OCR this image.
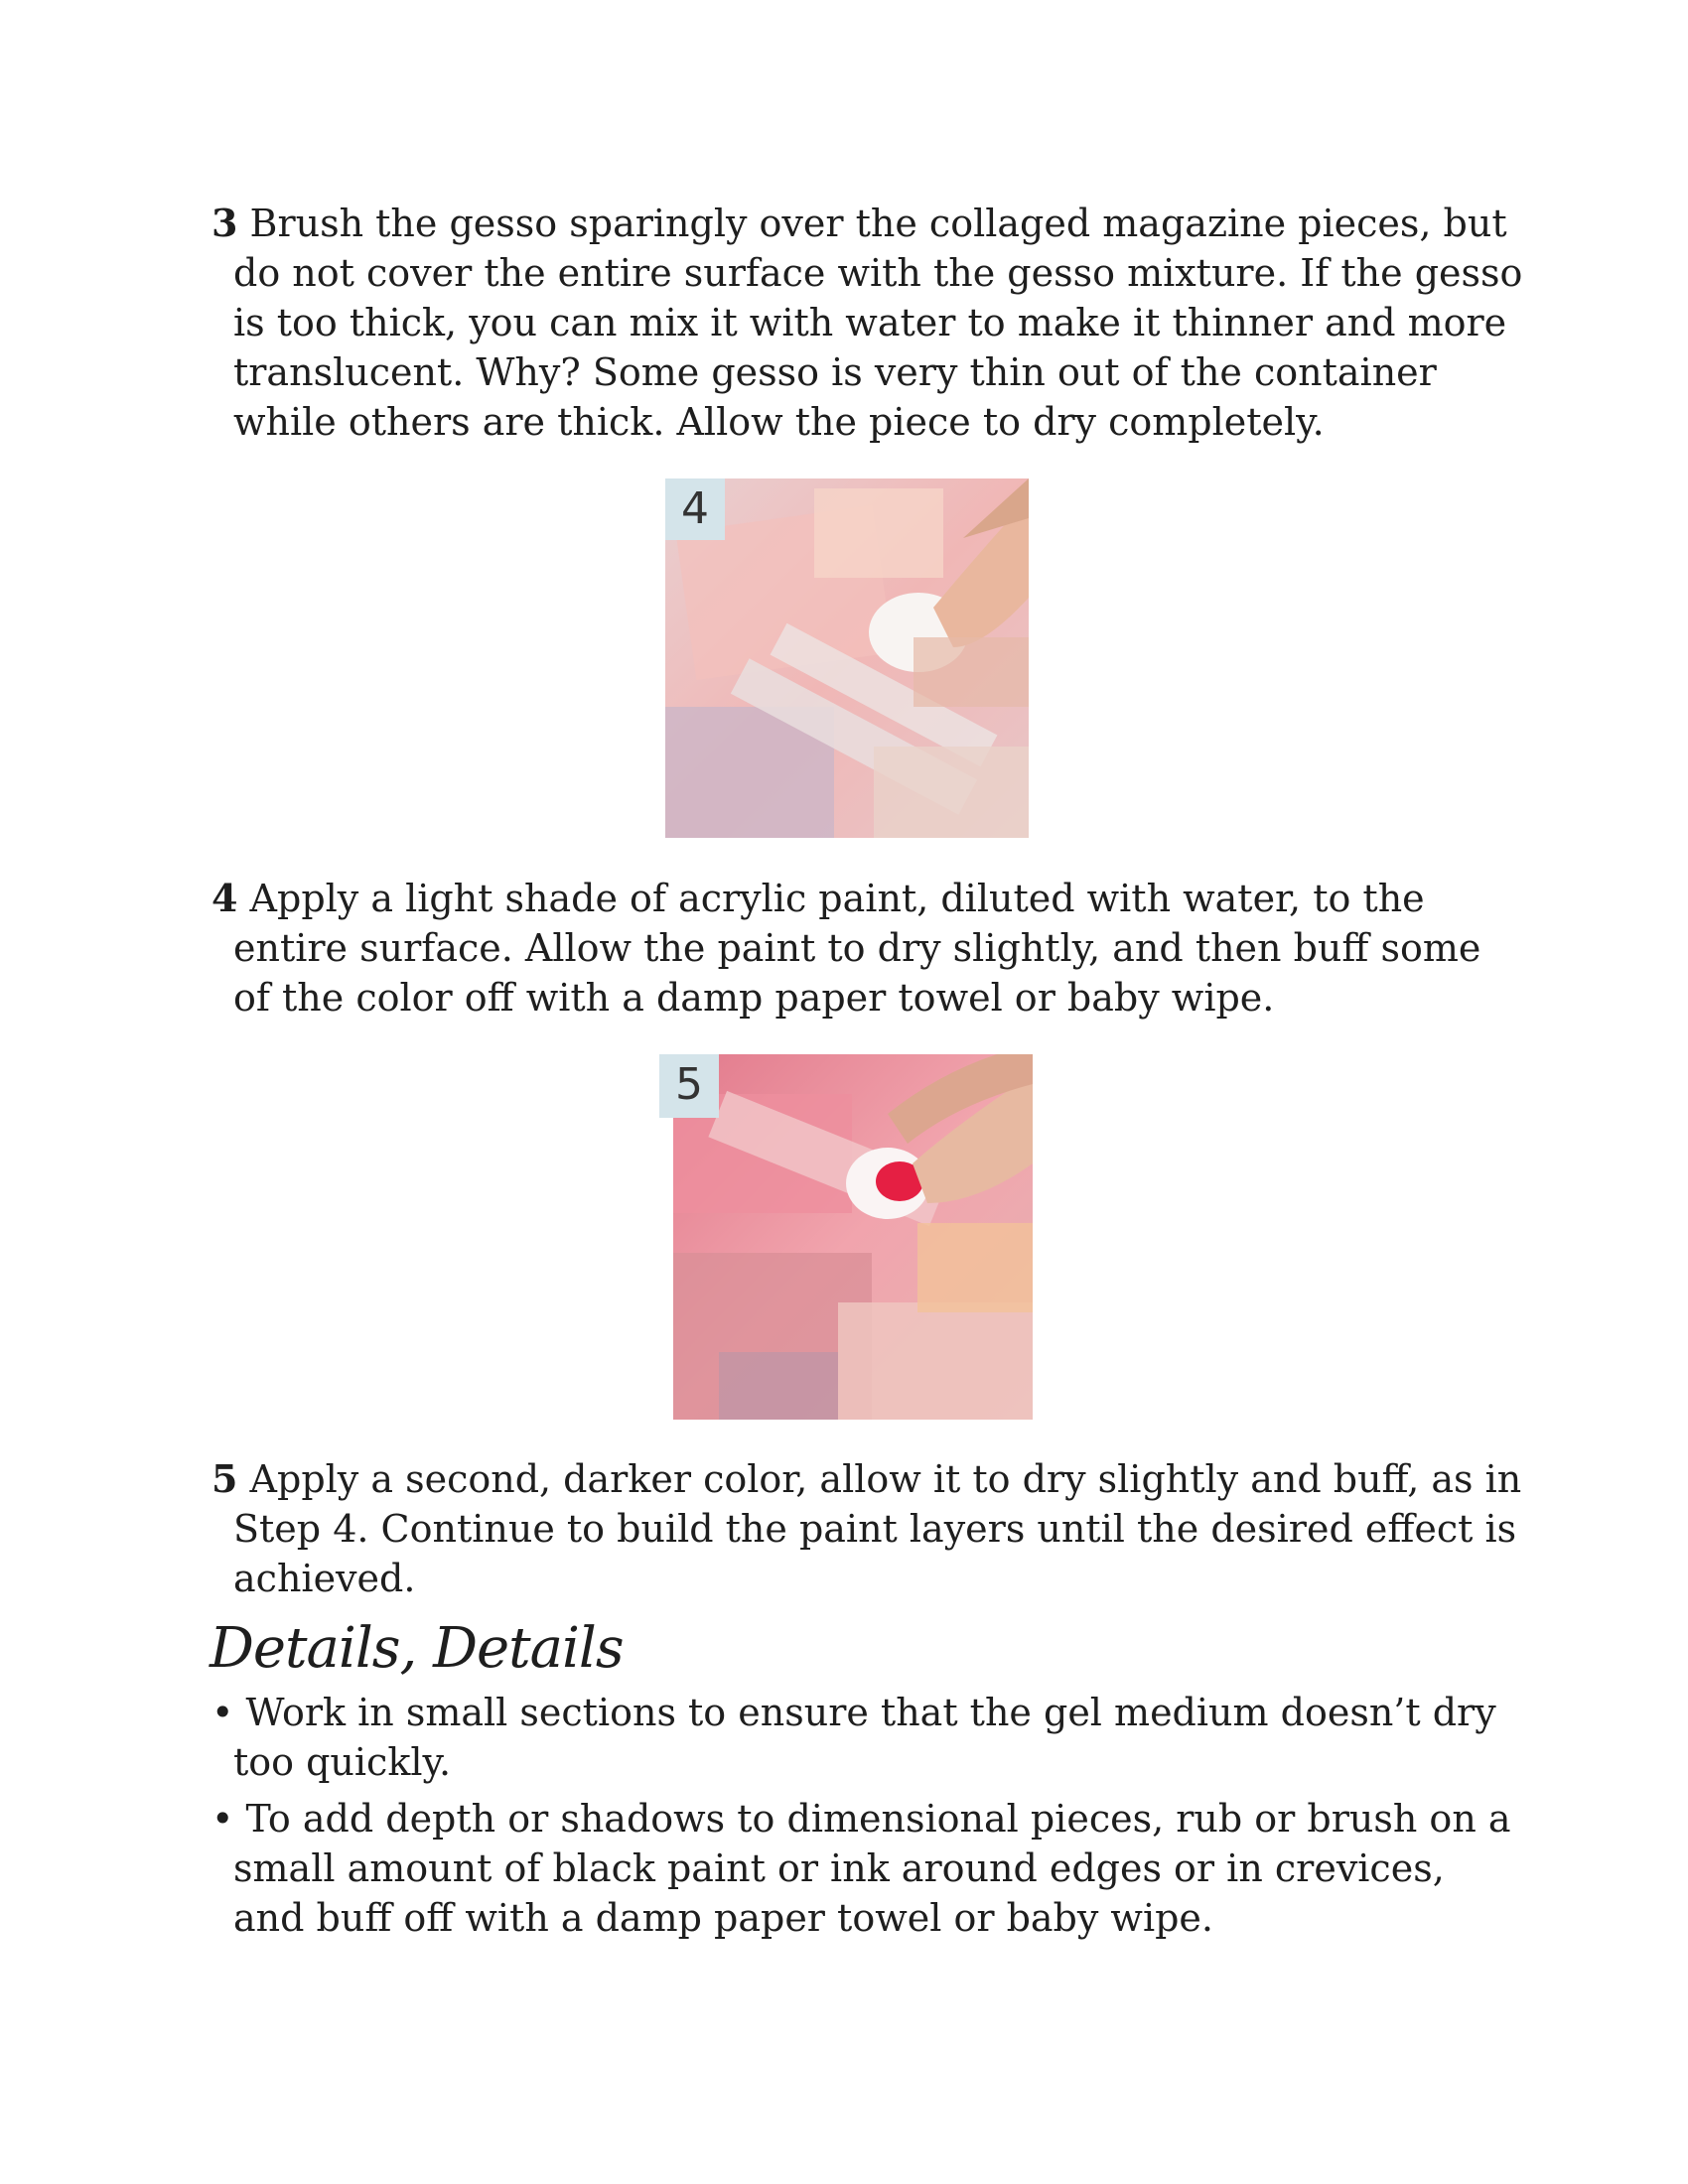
3 Brush the gesso sparingly over the collaged magazine pieces, but do not cover the entire surface with the gesso mixture. If the gesso is too thick, you can mix it with water to make it thinner and more translucent. Why? Some gesso is very thin out of the container while others are thick. Allow the piece to dry completely.

4

4 Apply a light shade of acrylic paint, diluted with water, to the entire surface. Allow the paint to dry slightly, and then buff some of the color off with a damp paper towel or baby wipe.

5

5 Apply a second, darker color, allow it to dry slightly and buff, as in Step 4. Continue to build the paint layers until the desired effect is achieved.

Details, Details

• Work in small sections to ensure that the gel medium doesn’t dry too quickly.

• To add depth or shadows to dimensional pieces, rub or brush on a small amount of black paint or ink around edges or in crevices, and buff off with a damp paper towel or baby wipe.
